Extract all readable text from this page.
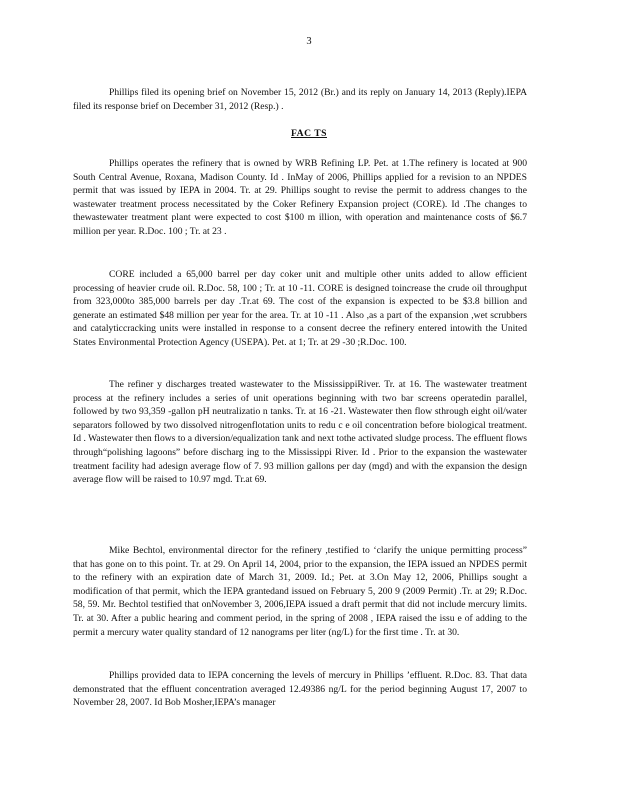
3

Phillips filed its opening brief on November 15, 2012 (Br.) and its reply on January 14, 2013 (Reply).IEPA filed its response brief on December 31, 2012 (Resp.) .

FAC TS

Phillips operates the refinery that is owned by WRB Refining LP. Pet. at 1.The refinery is located at 900 South Central Avenue, Roxana, Madison County. Id . InMay of 2006, Phillips applied for a revision to an NPDES permit that was issued by IEPA in 2004. Tr. at 29. Phillips sought to revise the permit to address changes to the wastewater treatment process necessitated by the Coker Refinery Expansion project (CORE). Id .The changes to thewastewater treatment plant were expected to cost $100 m illion, with operation and maintenance costs of $6.7 million per year. R.Doc. 100 ; Tr. at 23 .

CORE included a 65,000 barrel per day coker unit and multiple other units added to allow efficient processing of heavier crude oil. R.Doc. 58, 100 ; Tr. at 10 -11. CORE is designed toincrease the crude oil throughput from 323,000to 385,000 barrels per day .Tr.at 69. The cost of the expansion is expected to be $3.8 billion and generate an estimated $48 million per year for the area. Tr. at 10 -11 . Also ,as a part of the expansion ,wet scrubbers and catalyticcracking units were installed in response to a consent decree the refinery entered intowith the United States Environmental Protection Agency (USEPA). Pet. at 1; Tr. at 29 -30 ;R.Doc. 100.

The refiner y discharges treated wastewater to the MississippiRiver. Tr. at 16. The wastewater treatment process at the refinery includes a series of unit operations beginning with two bar screens operatedin parallel, followed by two 93,359 -gallon pH neutralizatio n tanks. Tr. at 16 -21. Wastewater then flow sthrough eight oil/water separators followed by two dissolved nitrogenflotation units to redu c e oil concentration before biological treatment. Id . Wastewater then flows to a diversion/equalization tank and next tothe activated sludge process. The effluent flows through“polishing lagoons” before discharg ing to the Mississippi River. Id . Prior to the expansion the wastewater treatment facility had adesign average flow of 7. 93 million gallons per day (mgd) and with the expansion the design average flow will be raised to 10.97 mgd. Tr.at 69.

Mike Bechtol, environmental director for the refinery ,testified to ‘clarify the unique permitting process” that has gone on to this point. Tr. at 29. On April 14, 2004, prior to the expansion, the IEPA issued an NPDES permit to the refinery with an expiration date of March 31, 2009. Id.; Pet. at 3.On May 12, 2006, Phillips sought a modification of that permit, which the IEPA grantedand issued on February 5, 200 9 (2009 Permit) .Tr. at 29; R.Doc. 58, 59. Mr. Bechtol testified that onNovember 3, 2006,IEPA issued a draft permit that did not include mercury limits. Tr. at 30. After a public hearing and comment period, in the spring of 2008 , IEPA raised the issu e of adding to the permit a mercury water quality standard of 12 nanograms per liter (ng/L) for the first time . Tr. at 30.

Phillips provided data to IEPA concerning the levels of mercury in Phillips ’effluent. R.Doc. 83. That data demonstrated that the effluent concentration averaged 12.49386 ng/L for the period beginning August 17, 2007 to November 28, 2007. Id Bob Mosher,IEPA’s manager
